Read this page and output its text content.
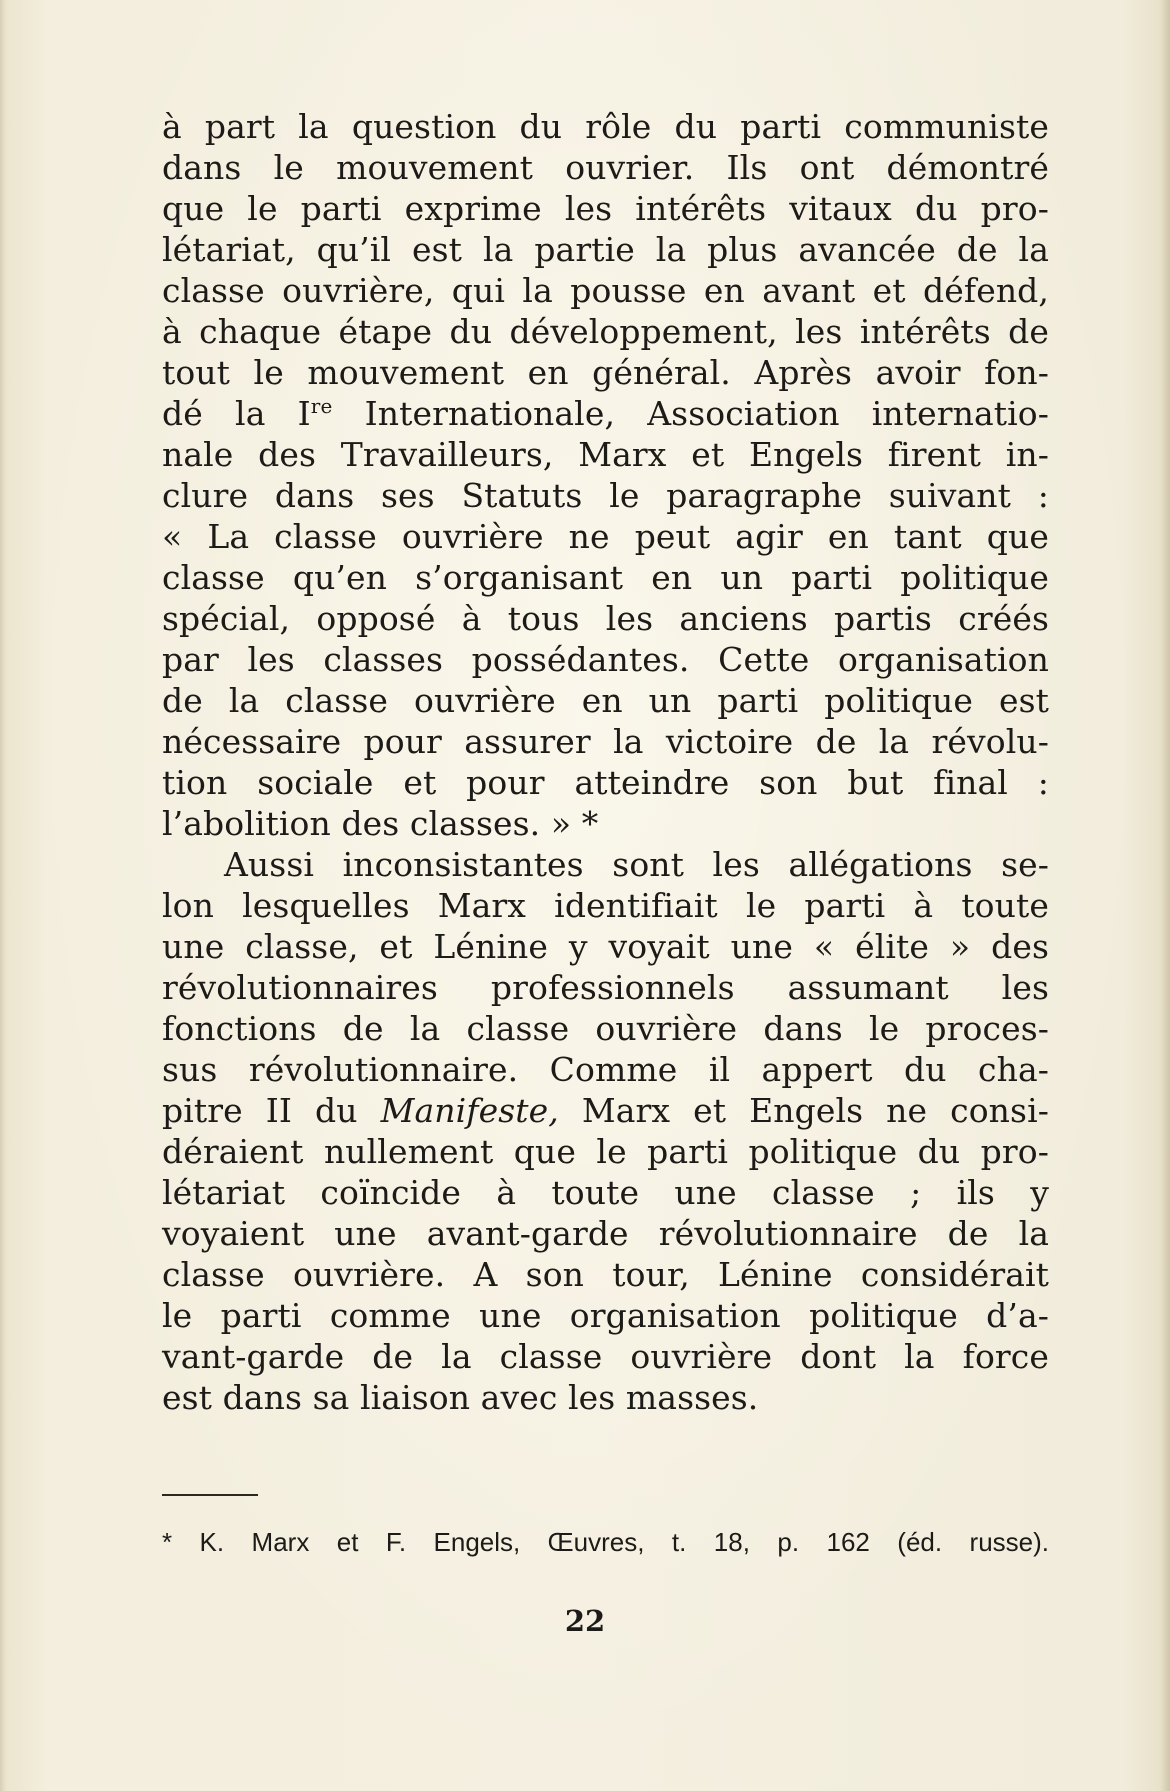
à part la question du rôle du parti communiste
dans le mouvement ouvrier. Ils ont démontré
que le parti exprime les intérêts vitaux du pro-
létariat, qu’il est la partie la plus avancée de la
classe ouvrière, qui la pousse en avant et défend,
à chaque étape du développement, les intérêts de
tout le mouvement en général. Après avoir fon-
dé la Ire Internationale, Association internatio-
nale des Travailleurs, Marx et Engels firent in-
clure dans ses Statuts le paragraphe suivant :
« La classe ouvrière ne peut agir en tant que
classe qu’en s’organisant en un parti politique
spécial, opposé à tous les anciens partis créés
par les classes possédantes. Cette organisation
de la classe ouvrière en un parti politique est
nécessaire pour assurer la victoire de la révolu-
tion sociale et pour atteindre son but final :
l’abolition des classes. » *
Aussi inconsistantes sont les allégations se-
lon lesquelles Marx identifiait le parti à toute
une classe, et Lénine y voyait une « élite » des
révolutionnaires professionnels assumant les
fonctions de la classe ouvrière dans le proces-
sus révolutionnaire. Comme il appert du cha-
pitre II du Manifeste, Marx et Engels ne consi-
déraient nullement que le parti politique du pro-
létariat coïncide à toute une classe ; ils y
voyaient une avant-garde révolutionnaire de la
classe ouvrière. A son tour, Lénine considérait
le parti comme une organisation politique d’a-
vant-garde de la classe ouvrière dont la force
est dans sa liaison avec les masses.
* K. Marx et F. Engels, Œuvres, t. 18, p. 162 (éd. russe).
22
